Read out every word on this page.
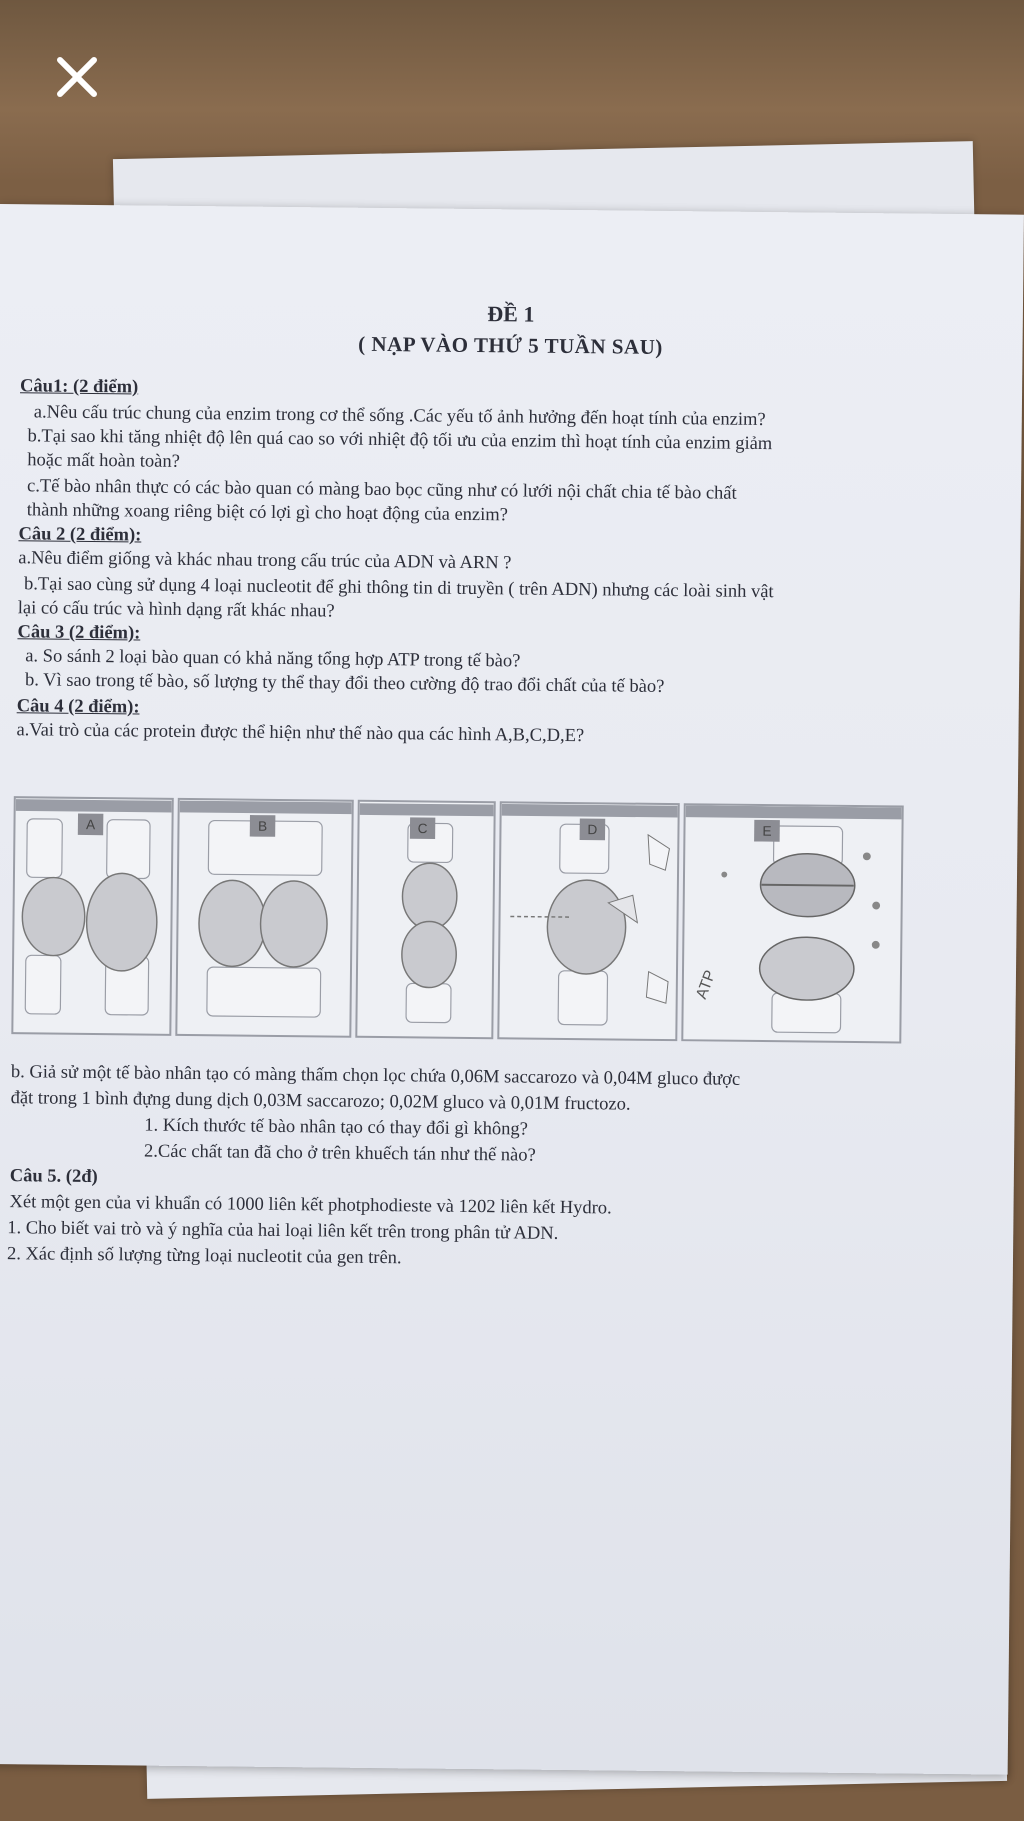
ĐỀ 1
( NẠP VÀO THỨ 5 TUẦN SAU)
Câu1: (2 điểm)
a.Nêu cấu trúc chung của enzim trong cơ thể sống .Các yếu tố ảnh hưởng đến hoạt tính của enzim?
b.Tại sao khi tăng nhiệt độ lên quá cao so với nhiệt độ tối ưu của enzim thì hoạt tính của enzim giảm
hoặc mất hoàn toàn?
c.Tế bào nhân thực có các bào quan có màng bao bọc cũng như có lưới nội chất chia tế bào chất
thành những xoang riêng biệt có lợi gì cho hoạt động của enzim?
Câu 2 (2 điểm):
a.Nêu điểm giống và khác nhau trong cấu trúc của ADN và ARN ?
b.Tại sao cùng sử dụng 4 loại nucleotit để ghi thông tin di truyền ( trên ADN) nhưng các loài sinh vật
lại có cấu trúc và hình dạng rất khác nhau?
Câu 3 (2 điểm):
a. So sánh 2 loại bào quan có khả năng tổng hợp ATP trong tế bào?
b. Vì sao trong tế bào, số lượng ty thể thay đổi theo cường độ trao đổi chất của tế bào?
Câu 4 (2 điểm):
a.Vai trò của các protein được thể hiện như thế nào qua các hình A,B,C,D,E?
A	B	C	D
ATP
E
b. Giả sử một tế bào nhân tạo có màng thấm chọn lọc chứa 0,06M saccarozo và 0,04M gluco được
đặt trong 1 bình đựng dung dịch 0,03M saccarozo; 0,02M gluco và 0,01M fructozo.
1. Kích thước tế bào nhân tạo có thay đổi gì không?
2.Các chất tan đã cho ở trên khuếch tán như thế nào?
Câu 5. (2đ)
Xét một gen của vi khuẩn có 1000 liên kết photphodieste và 1202 liên kết Hydro.
1. Cho biết vai trò và ý nghĩa của hai loại liên kết trên trong phân tử ADN.
2. Xác định số lượng từng loại nucleotit của gen trên.
